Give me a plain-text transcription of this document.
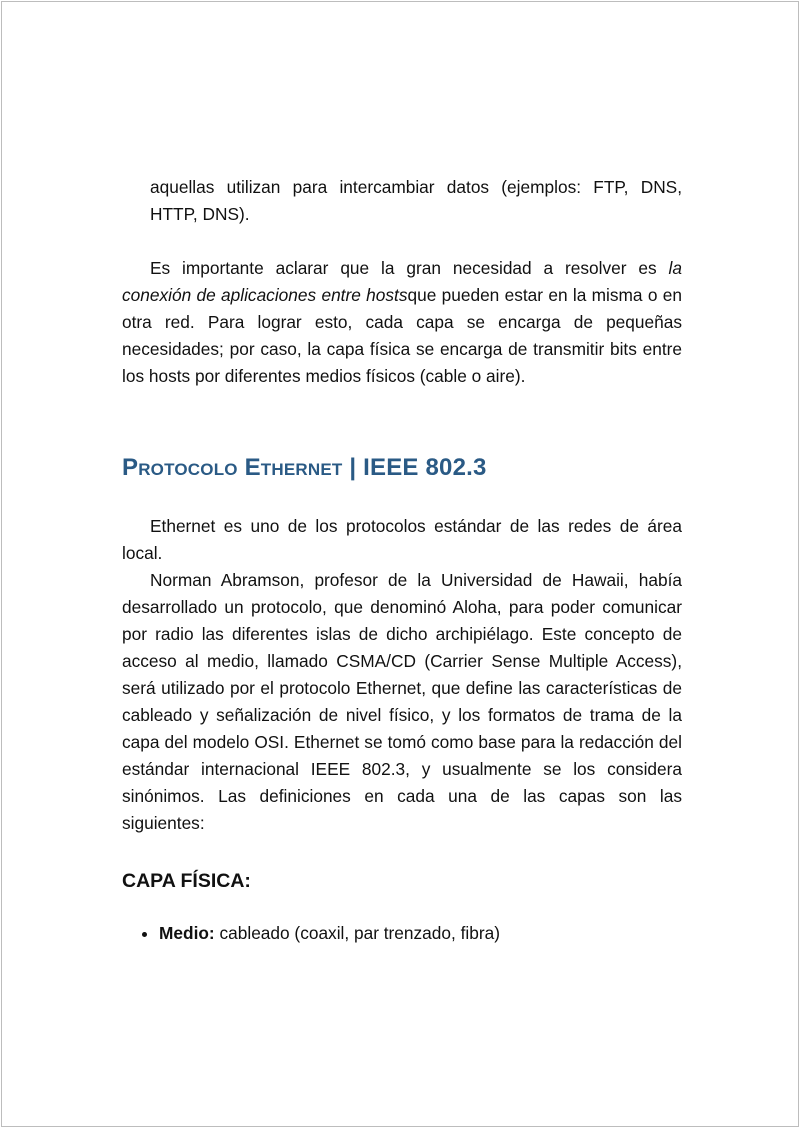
aquellas utilizan para intercambiar datos (ejemplos: FTP, DNS, HTTP, DNS).

Es importante aclarar que la gran necesidad a resolver es la conexión de aplicaciones entre hostsque pueden estar en la misma o en otra red. Para lograr esto, cada capa se encarga de pequeñas necesidades; por caso, la capa física se encarga de transmitir bits entre los hosts por diferentes medios físicos (cable o aire).

Protocolo Ethernet | IEEE 802.3

Ethernet es uno de los protocolos estándar de las redes de área local.

Norman Abramson, profesor de la Universidad de Hawaii, había desarrollado un protocolo, que denominó Aloha, para poder comunicar por radio las diferentes islas de dicho archipiélago. Este concepto de acceso al medio, llamado CSMA/CD (Carrier Sense Multiple Access), será utilizado por el protocolo Ethernet, que define las características de cableado y señalización de nivel físico, y los formatos de trama de la capa del modelo OSI. Ethernet se tomó como base para la redacción del estándar internacional IEEE 802.3, y usualmente se los considera sinónimos. Las definiciones en cada una de las capas son las siguientes:

CAPA FÍSICA:
• Medio: cableado (coaxil, par trenzado, fibra)
